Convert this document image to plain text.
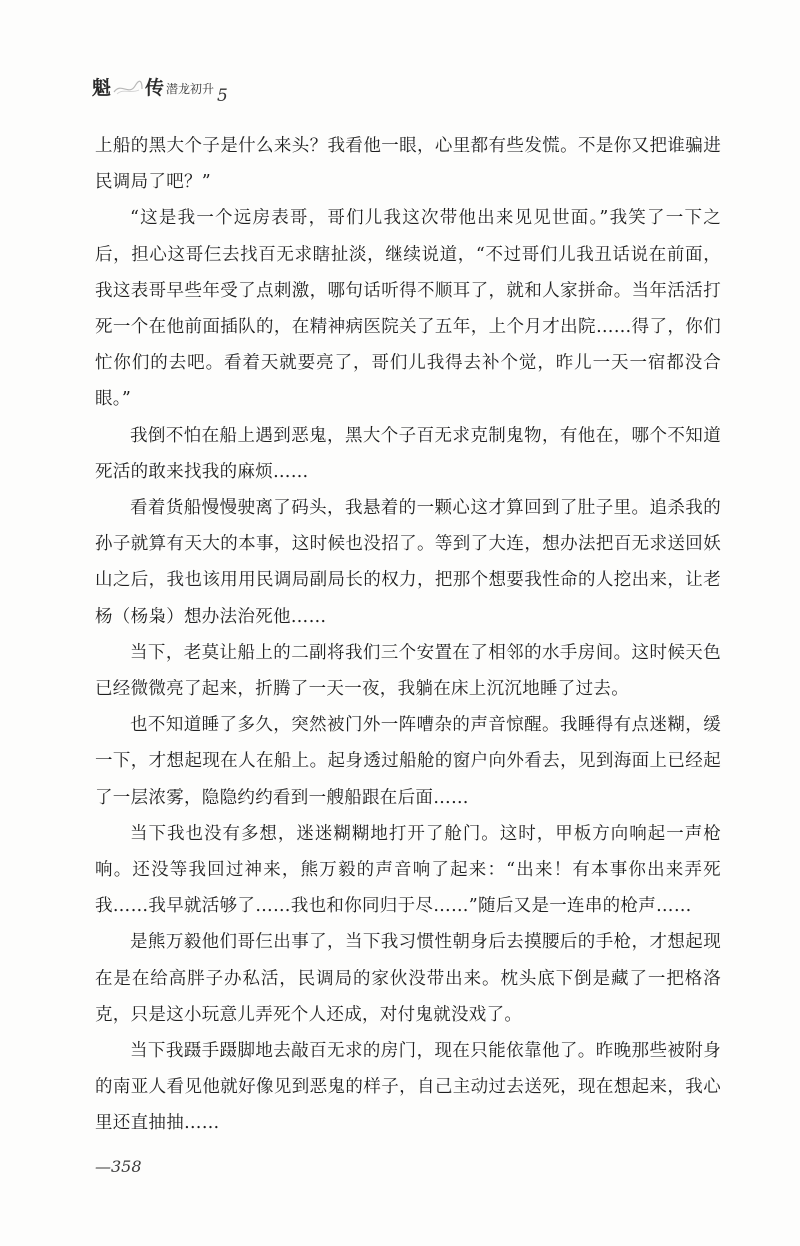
魁 传 潜龙初升 5

上船的黑大个子是什么来头？我看他一眼，心里都有些发慌。不是你又把谁骗进民调局了吧？”

“这是我一个远房表哥，哥们儿我这次带他出来见见世面。”我笑了一下之后，担心这哥仨去找百无求瞎扯淡，继续说道，“不过哥们儿我丑话说在前面，我这表哥早些年受了点刺激，哪句话听得不顺耳了，就和人家拼命。当年活活打死一个在他前面插队的，在精神病医院关了五年，上个月才出院……得了，你们忙你们的去吧。看着天就要亮了，哥们儿我得去补个觉，昨儿一天一宿都没合眼。”

我倒不怕在船上遇到恶鬼，黑大个子百无求克制鬼物，有他在，哪个不知道死活的敢来找我的麻烦……

看着货船慢慢驶离了码头，我悬着的一颗心这才算回到了肚子里。追杀我的孙子就算有天大的本事，这时候也没招了。等到了大连，想办法把百无求送回妖山之后，我也该用用民调局副局长的权力，把那个想要我性命的人挖出来，让老杨（杨枭）想办法治死他……

当下，老莫让船上的二副将我们三个安置在了相邻的水手房间。这时候天色已经微微亮了起来，折腾了一天一夜，我躺在床上沉沉地睡了过去。

也不知道睡了多久，突然被门外一阵嘈杂的声音惊醒。我睡得有点迷糊，缓一下，才想起现在人在船上。起身透过船舱的窗户向外看去，见到海面上已经起了一层浓雾，隐隐约约看到一艘船跟在后面……

当下我也没有多想，迷迷糊糊地打开了舱门。这时，甲板方向响起一声枪响。还没等我回过神来，熊万毅的声音响了起来：“出来！有本事你出来弄死我……我早就活够了……我也和你同归于尽……”随后又是一连串的枪声……

是熊万毅他们哥仨出事了，当下我习惯性朝身后去摸腰后的手枪，才想起现在是在给高胖子办私活，民调局的家伙没带出来。枕头底下倒是藏了一把格洛克，只是这小玩意儿弄死个人还成，对付鬼就没戏了。

当下我蹑手蹑脚地去敲百无求的房门，现在只能依靠他了。昨晚那些被附身的南亚人看见他就好像见到恶鬼的样子，自己主动过去送死，现在想起来，我心里还直抽抽……

—358
